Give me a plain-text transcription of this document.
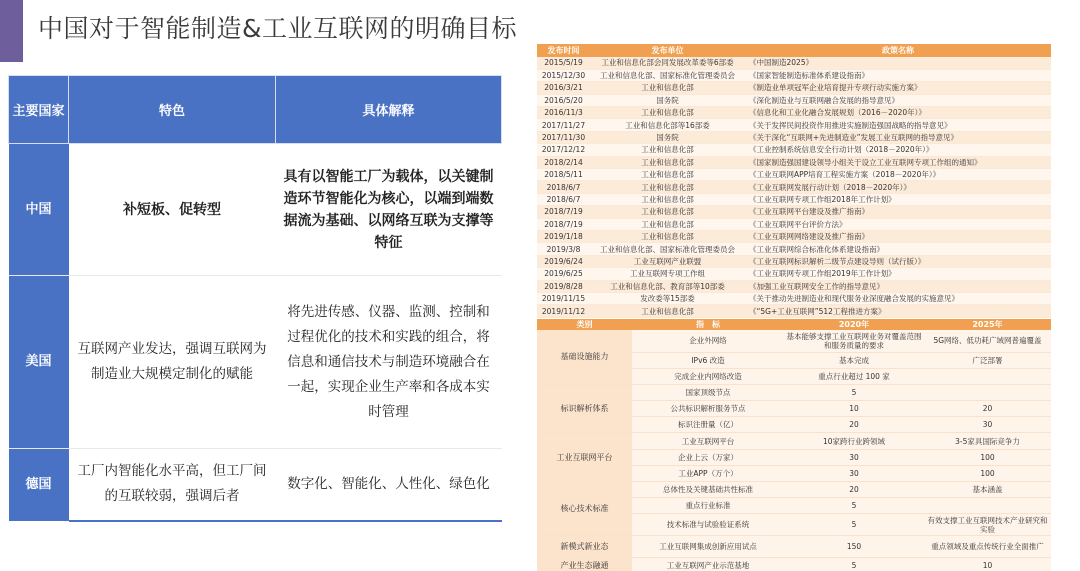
中国对于智能制造&工业互联网的明确目标
主要国家	特色	具体解释
中国	补短板、促转型	具有以智能工厂为载体，以关键制造环节智能化为核心，以端到端数据流为基础、以网络互联为支撑等特征
美国	互联网产业发达，强调互联网为制造业大规模定制化的赋能	将先进传感、仪器、监测、控制和过程优化的技术和实践的组合，将信息和通信技术与制造环境融合在一起，实现企业生产率和各成本实时管理
德国	工厂内智能化水平高，但工厂间的互联较弱，强调后者	数字化、智能化、人性化、绿色化
发布时间	发布单位	政策名称
2015/5/19	工业和信息化部会同发展改革委等6部委	《中国制造2025》
2015/12/30	工业和信息化部、国家标准化管理委员会	《国家智能制造标准体系建设指南》
2016/3/21	工业和信息化部	《制造业单项冠军企业培育提升专项行动实施方案》
2016/5/20	国务院	《深化制造业与互联网融合发展的指导意见》
2016/11/3	工业和信息化部	《信息化和工业化融合发展规划（2016－2020年）》
2017/11/27	工业和信息化部等16部委	《关于发挥民间投资作用推进实施制造强国战略的指导意见》
2017/11/30	国务院	《关于深化“互联网+先进制造业”发展工业互联网的指导意见》
2017/12/12	工业和信息化部	《工业控制系统信息安全行动计划（2018－2020年）》
2018/2/14	工业和信息化部	《国家制造强国建设领导小组关于设立工业互联网专项工作组的通知》
2018/5/11	工业和信息化部	《工业互联网APP培育工程实施方案（2018－2020年）》
2018/6/7	工业和信息化部	《工业互联网发展行动计划（2018－2020年）》
2018/6/7	工业和信息化部	《工业互联网专项工作组2018年工作计划》
2018/7/19	工业和信息化部	《工业互联网平台建设及推广指南》
2018/7/19	工业和信息化部	《工业互联网平台评价方法》
2019/1/18	工业和信息化部	《工业互联网网络建设及推广指南》
2019/3/8	工业和信息化部、国家标准化管理委员会	《工业互联网综合标准化体系建设指南》
2019/6/24	工业互联网产业联盟	《工业互联网标识解析二级节点建设导则（试行版）》
2019/6/25	工业互联网专项工作组	《工业互联网专项工作组2019年工作计划》
2019/8/28	工业和信息化部、教育部等10部委	《加强工业互联网安全工作的指导意见》
2019/11/15	发改委等15部委	《关于推动先进制造业和现代服务业深度融合发展的实施意见》
2019/11/12	工业和信息化部	《“5G+工业互联网”512工程推进方案》
类别	指　标	2020年	2025年
基础设施能力	企业外网络	基本能够支撑工业互联网业务对覆盖范围和服务质量的要求	5G网络、低功耗广域网普遍覆盖
	IPv6 改造	基本完成	广泛部署
	完成企业内网络改造	重点行业超过 100 家	
标识解析体系	国家顶级节点	5	
	公共标识解析服务节点	10	20
	标识注册量（亿）	20	30
工业互联网平台	工业互联网平台	10家跨行业跨领域	3-5家具国际竞争力
	企业上云（万家）	30	100
	工业APP（万个）	30	100
核心技术标准	总体性及关键基础共性标准	20	基本涵盖
	重点行业标准	5	
	技术标准与试验验证系统	5	有效支撑工业互联网技术产业研究和实验
新模式新业态	工业互联网集成创新应用试点	150	重点领域及重点传统行业全面推广
产业生态融通	工业互联网产业示范基地	5	10
